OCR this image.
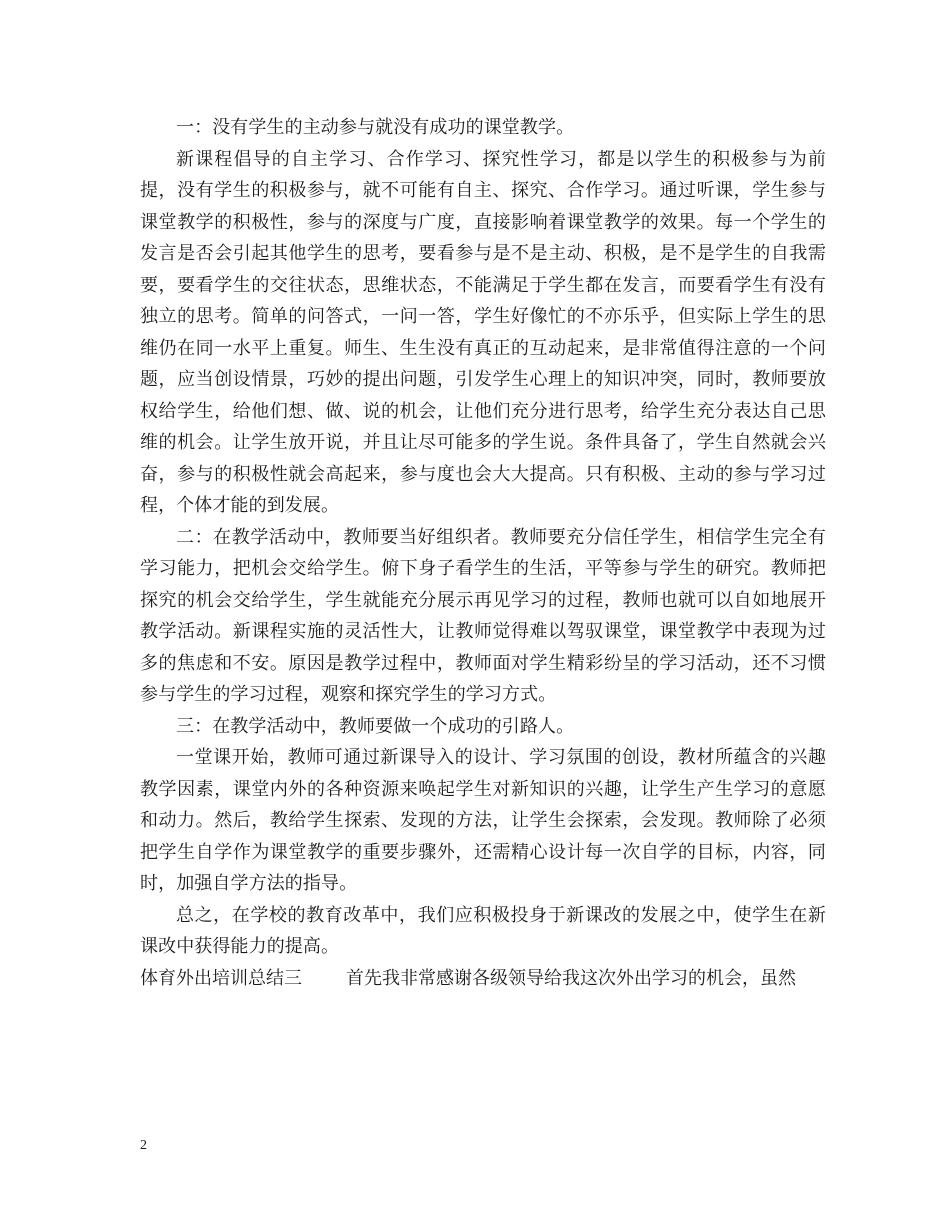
一：没有学生的主动参与就没有成功的课堂教学。

新课程倡导的自主学习、合作学习、探究性学习，都是以学生的积极参与为前提，没有学生的积极参与，就不可能有自主、探究、合作学习。通过听课，学生参与课堂教学的积极性，参与的深度与广度，直接影响着课堂教学的效果。每一个学生的发言是否会引起其他学生的思考，要看参与是不是主动、积极，是不是学生的自我需要，要看学生的交往状态，思维状态，不能满足于学生都在发言，而要看学生有没有独立的思考。简单的问答式，一问一答，学生好像忙的不亦乐乎，但实际上学生的思维仍在同一水平上重复。师生、生生没有真正的互动起来，是非常值得注意的一个问题，应当创设情景，巧妙的提出问题，引发学生心理上的知识冲突，同时，教师要放权给学生，给他们想、做、说的机会，让他们充分进行思考，给学生充分表达自己思维的机会。让学生放开说，并且让尽可能多的学生说。条件具备了，学生自然就会兴奋，参与的积极性就会高起来，参与度也会大大提高。只有积极、主动的参与学习过程，个体才能的到发展。

二：在教学活动中，教师要当好组织者。教师要充分信任学生，相信学生完全有学习能力，把机会交给学生。俯下身子看学生的生活，平等参与学生的研究。教师把探究的机会交给学生，学生就能充分展示再见学习的过程，教师也就可以自如地展开教学活动。新课程实施的灵活性大，让教师觉得难以驾驭课堂，课堂教学中表现为过多的焦虑和不安。原因是教学过程中，教师面对学生精彩纷呈的学习活动，还不习惯参与学生的学习过程，观察和探究学生的学习方式。

三：在教学活动中，教师要做一个成功的引路人。

一堂课开始，教师可通过新课导入的设计、学习氛围的创设，教材所蕴含的兴趣教学因素，课堂内外的各种资源来唤起学生对新知识的兴趣，让学生产生学习的意愿和动力。然后，教给学生探索、发现的方法，让学生会探索，会发现。教师除了必须把学生自学作为课堂教学的重要步骤外，还需精心设计每一次自学的目标，内容，同时，加强自学方法的指导。

总之，在学校的教育改革中，我们应积极投身于新课改的发展之中，使学生在新课改中获得能力的提高。

体育外出培训总结三	首先我非常感谢各级领导给我这次外出学习的机会，虽然

2
